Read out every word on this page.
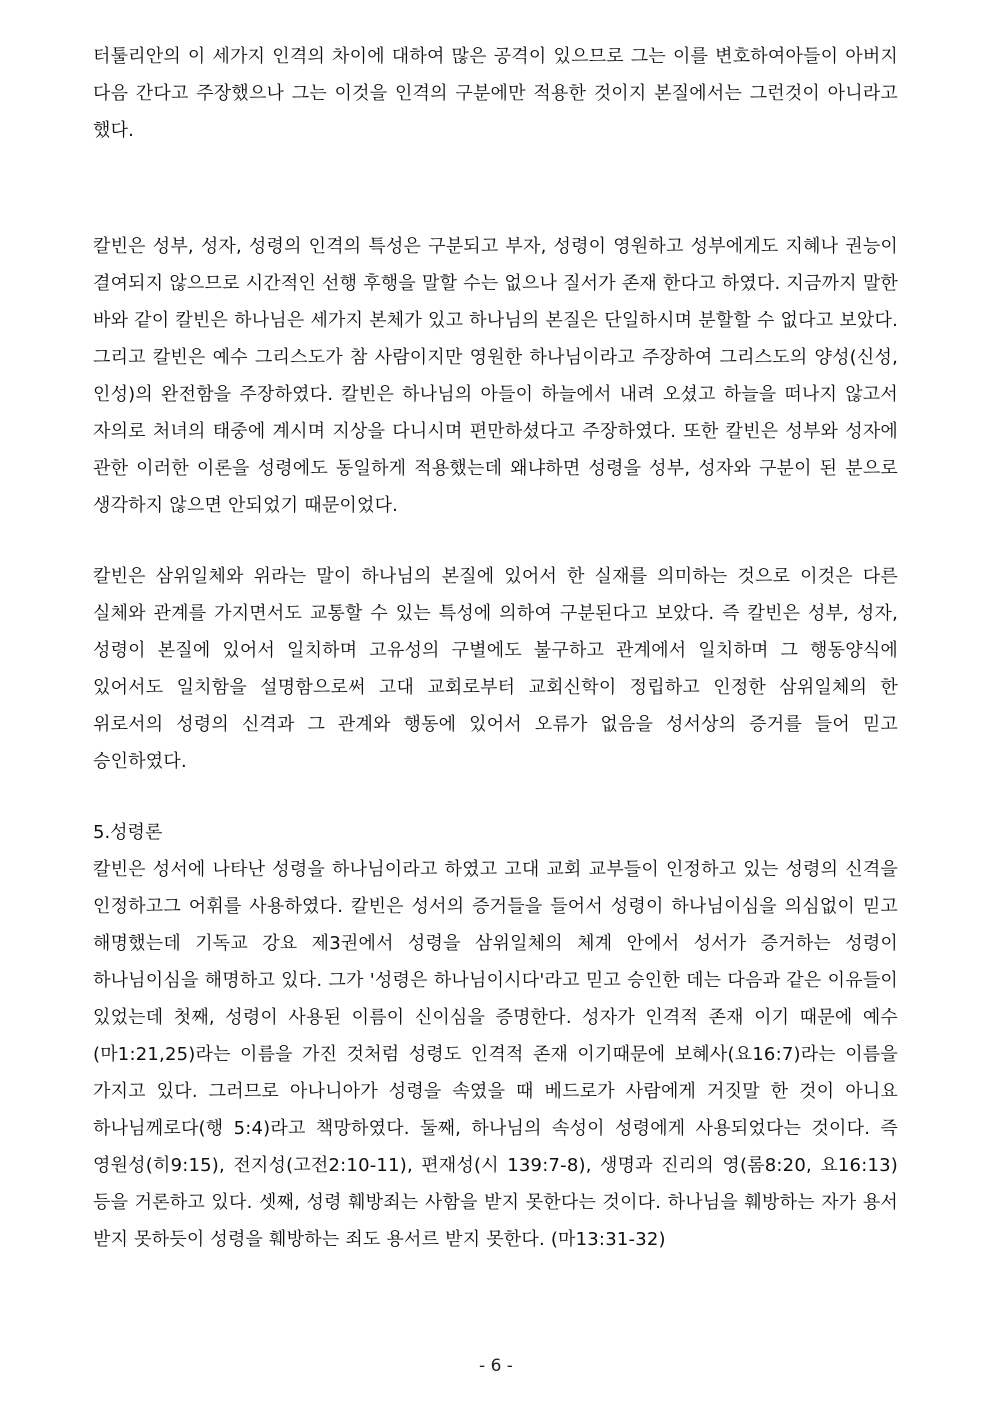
터툴리안의 이 세가지 인격의 차이에 대하여 많은 공격이 있으므로 그는 이를 변호하여아들이 아버지 다음 간다고 주장했으나 그는 이것을 인격의 구분에만 적용한 것이지 본질에서는 그런것이 아니라고 했다.

칼빈은 성부, 성자, 성령의 인격의 특성은 구분되고 부자, 성령이 영원하고 성부에게도 지혜나 권능이 결여되지 않으므로 시간적인 선행 후행을 말할 수는 없으나 질서가 존재 한다고 하였다. 지금까지 말한 바와 같이 칼빈은 하나님은 세가지 본체가 있고 하나님의 본질은 단일하시며 분할할 수 없다고 보았다. 그리고 칼빈은 예수 그리스도가 참 사람이지만 영원한 하나님이라고 주장하여 그리스도의 양성(신성, 인성)의 완전함을 주장하였다. 칼빈은 하나님의 아들이 하늘에서 내려 오셨고 하늘을 떠나지 않고서 자의로 처녀의 태중에 계시며 지상을 다니시며 편만하셨다고 주장하였다. 또한 칼빈은 성부와 성자에 관한 이러한 이론을 성령에도 동일하게 적용했는데 왜냐하면 성령을 성부, 성자와 구분이 된 분으로 생각하지 않으면 안되었기 때문이었다.

칼빈은 삼위일체와 위라는 말이 하나님의 본질에 있어서 한 실재를 의미하는 것으로 이것은 다른 실체와 관계를 가지면서도 교통할 수 있는 특성에 의하여 구분된다고 보았다. 즉 칼빈은 성부, 성자, 성령이 본질에 있어서 일치하며 고유성의 구별에도 불구하고 관계에서 일치하며 그 행동양식에 있어서도 일치함을 설명함으로써 고대 교회로부터 교회신학이 정립하고 인정한 삼위일체의 한 위로서의 성령의 신격과 그 관계와 행동에 있어서 오류가 없음을 성서상의 증거를 들어 믿고 승인하였다.

5.성령론

칼빈은 성서에 나타난 성령을 하나님이라고 하였고 고대 교회 교부들이 인정하고 있는 성령의 신격을 인정하고그 어휘를 사용하였다. 칼빈은 성서의 증거들을 들어서 성령이 하나님이심을 의심없이 믿고 해명했는데 기독교 강요 제3권에서 성령을 삼위일체의 체계 안에서 성서가 증거하는 성령이 하나님이심을 해명하고 있다. 그가 '성령은 하나님이시다'라고 믿고 승인한 데는 다음과 같은 이유들이 있었는데 첫째, 성령이 사용된 이름이 신이심을 증명한다. 성자가 인격적 존재 이기 때문에 예수(마1:21,25)라는 이름을 가진 것처럼 성령도 인격적 존재 이기때문에 보혜사(요16:7)라는 이름을 가지고 있다. 그러므로 아나니아가 성령을 속였을 때 베드로가 사람에게 거짓말 한 것이 아니요 하나님께로다(행 5:4)라고 책망하였다. 둘째, 하나님의 속성이 성령에게 사용되었다는 것이다. 즉 영원성(히9:15), 전지성(고전2:10-11), 편재성(시 139:7-8), 생명과 진리의 영(롬8:20, 요16:13)등을 거론하고 있다. 셋째, 성령 훼방죄는 사함을 받지 못한다는 것이다. 하나님을 훼방하는 자가 용서 받지 못하듯이 성령을 훼방하는 죄도 용서르 받지 못한다. (마13:31-32)

- 6 -
